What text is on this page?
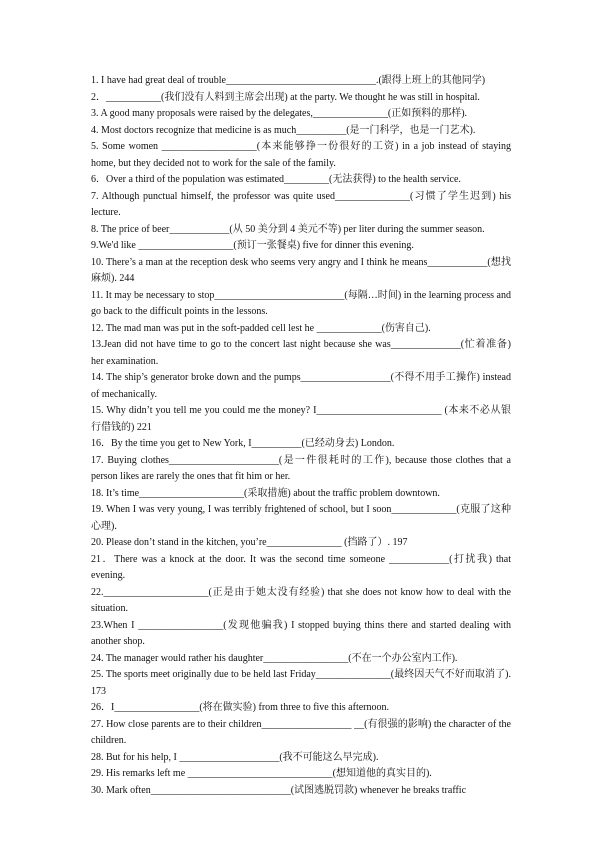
1. I have had great deal of trouble______________________________.(跟得上班上的其他同学)

2．___________(我们没有人料到主席会出现) at the party. We thought he was still in hospital.

3. A good many proposals were raised by the delegates,_______________(正如预料的那样).

4. Most doctors recognize that medicine is as much__________(是一门科学，也是一门艺术).

5. Some women ___________________(本来能够挣一份很好的工资) in a job instead of staying home, but they decided not to work for the sale of the family.

6．Over a third of the population was estimated_________(无法获得) to the health service.

7. Although punctual himself, the professor was quite used_______________(习惯了学生迟到) his lecture.

8. The price of beer____________(从 50 美分到 4 美元不等) per liter during the summer season.

9.We'd like ___________________(预订一张餐桌) five for dinner this evening.

10. There’s a man at the reception desk who seems very angry and I think he means____________(想找麻烦). 244

11. It may be necessary to stop__________________________(每隔…时间) in the learning process and go back to the difficult points in the lessons.

12. The mad man was put in the soft-padded cell lest he _____________(伤害自己).

13.Jean did not have time to go to the concert last night because she was______________(忙着准备) her examination.

14. The ship’s generator broke down and the pumps__________________(不得不用手工操作) instead of mechanically.

15. Why didn’t you tell me you could me the money? I_________________________ (本来不必从银行借钱的) 221

16．By the time you get to New York, I__________(已经动身去) London.

17. Buying clothes______________________(是一件很耗时的工作), because those clothes that a person likes are rarely the ones that fit him or her.

18. It’s time_____________________(采取措施) about the traffic problem downtown.

19. When I was very young, I was terribly frightened of school, but I soon_____________(克服了这种心理).

20. Please don’t stand in the kitchen, you’re_______________ (挡路了）. 197

21．There was a knock at the door. It was the second time someone ____________(打扰我) that evening.

22._____________________(正是由于她太没有经验) that she does not know how to deal with the situation.

23.When I _________________(发现他骗我) I stopped buying thins there and started dealing with another shop.

24. The manager would rather his daughter_________________(不在一个办公室内工作).

25. The sports meet originally due to be held last Friday_______________(最终因天气不好而取消了). 173

26．I_________________(将在做实验) from three to five this afternoon.

27. How close parents are to their children__________________ __(有很强的影响) the character of the children.

28. But for his help, I ____________________(我不可能这么早完成).

29. His remarks left me _____________________________(想知道他的真实目的).

30. Mark often____________________________(试图逃脱罚款) whenever he breaks traffic
